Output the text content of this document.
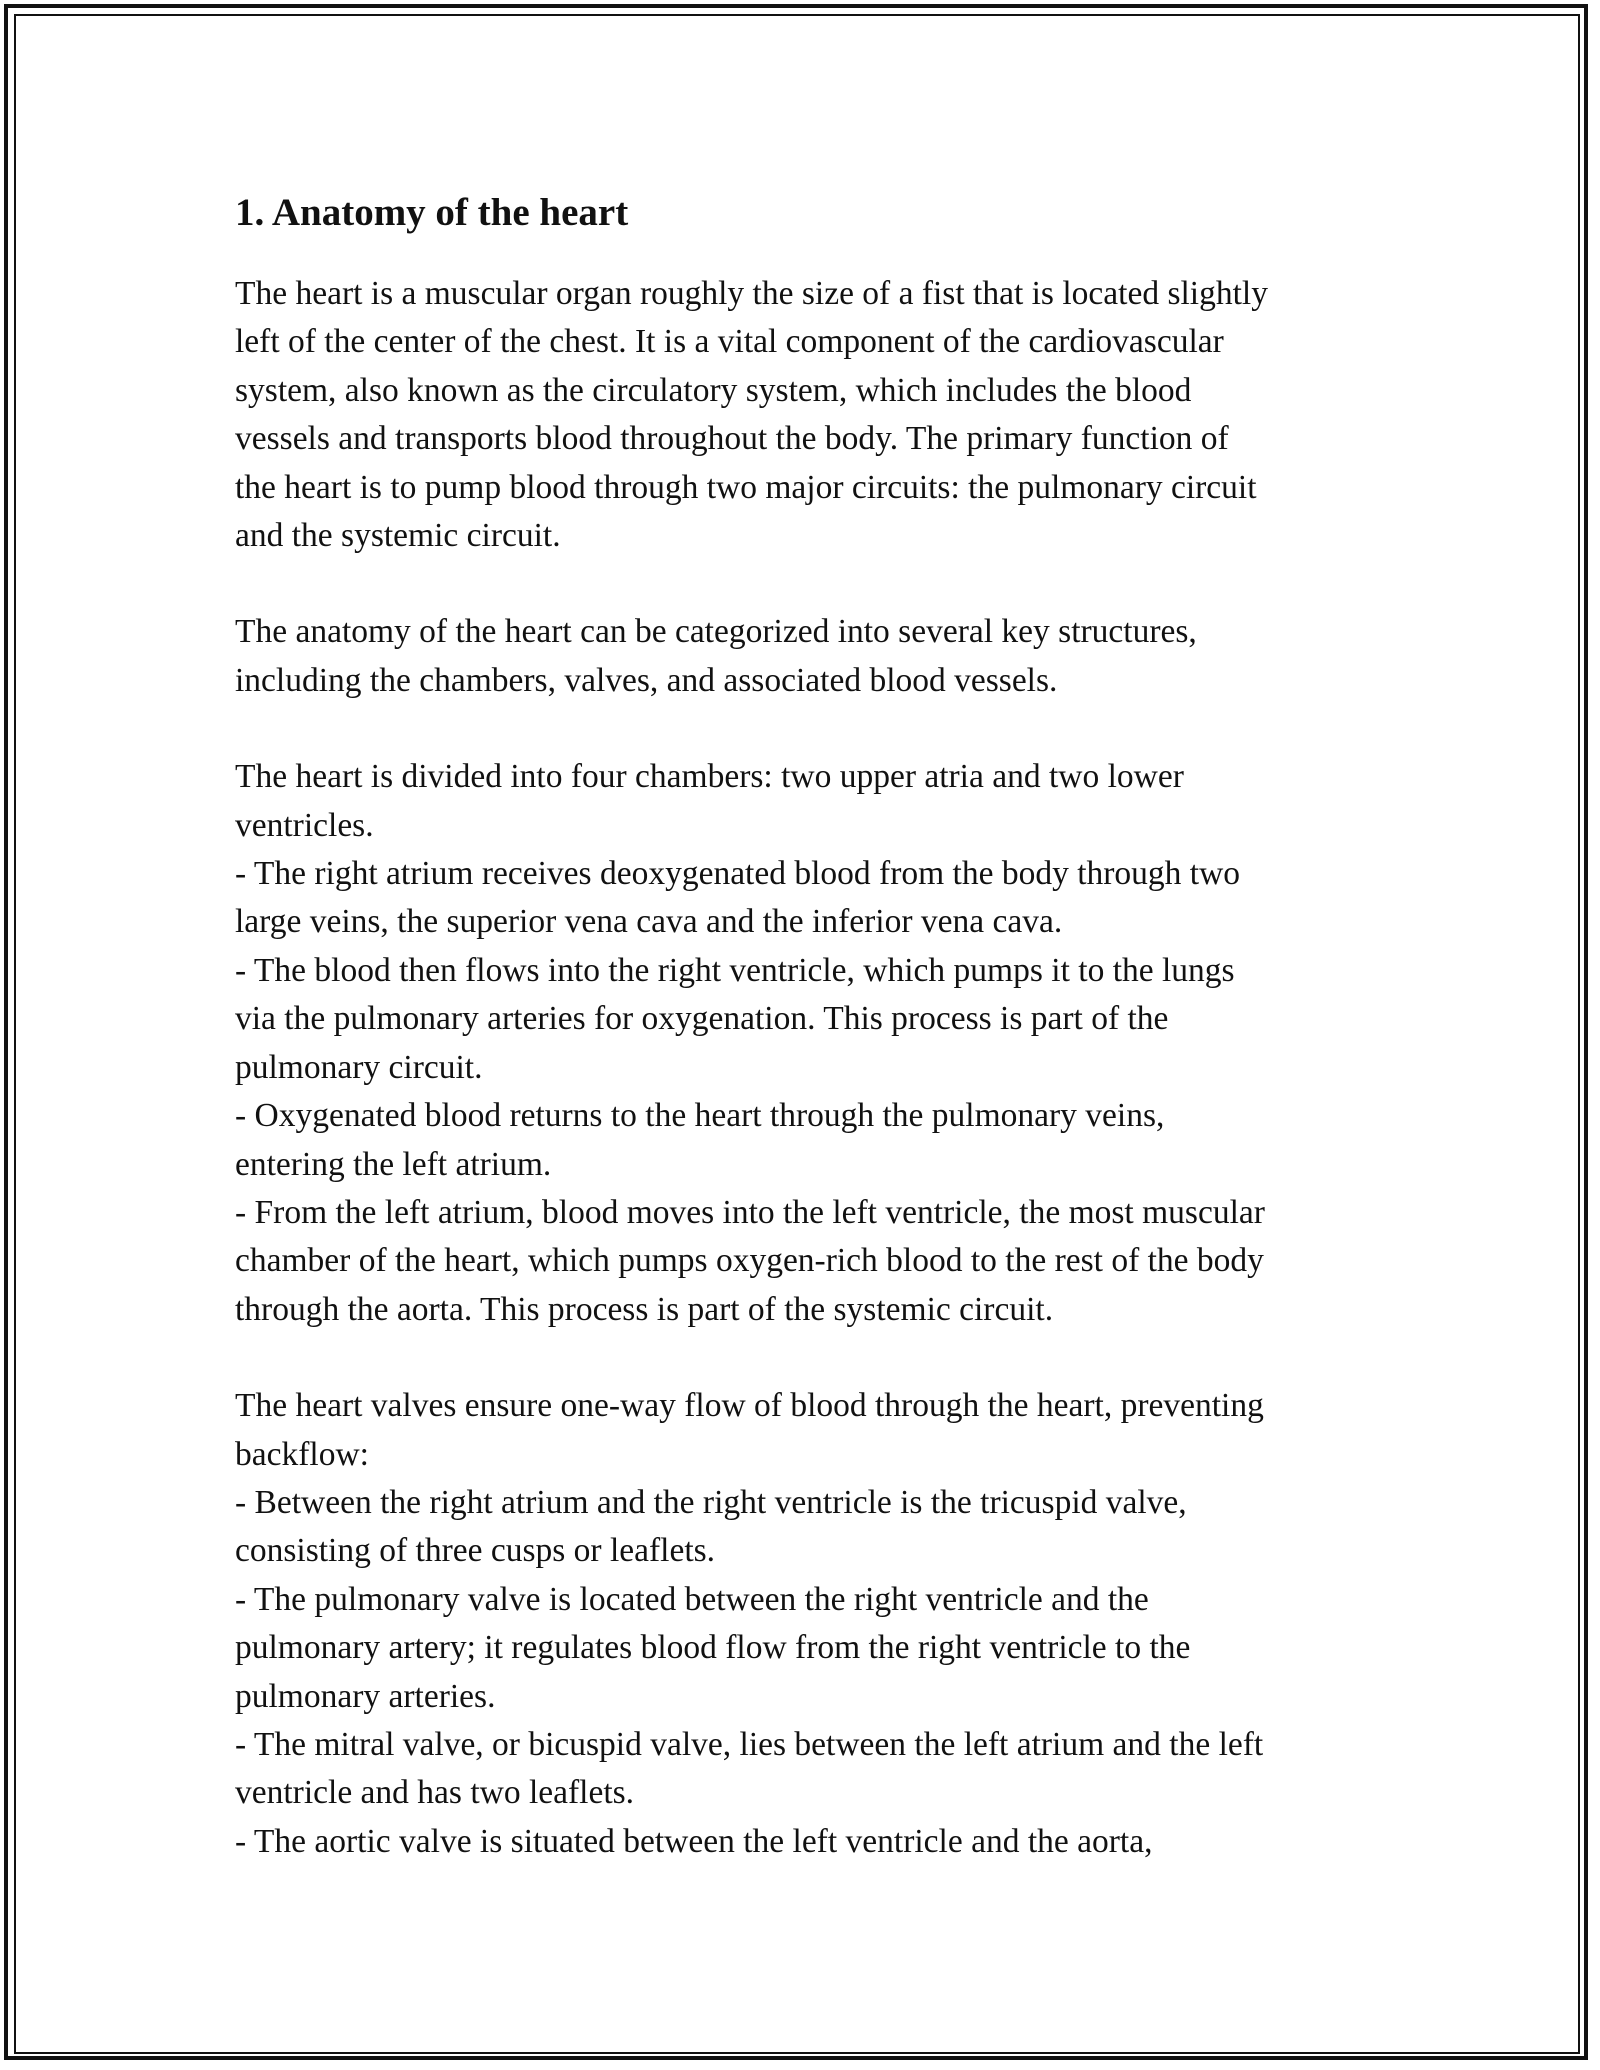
1. Anatomy of the heart
The heart is a muscular organ roughly the size of a fist that is located slightly
left of the center of the chest. It is a vital component of the cardiovascular
system, also known as the circulatory system, which includes the blood
vessels and transports blood throughout the body. The primary function of
the heart is to pump blood through two major circuits: the pulmonary circuit
and the systemic circuit.
The anatomy of the heart can be categorized into several key structures,
including the chambers, valves, and associated blood vessels.
The heart is divided into four chambers: two upper atria and two lower
ventricles.
- The right atrium receives deoxygenated blood from the body through two
large veins, the superior vena cava and the inferior vena cava.
- The blood then flows into the right ventricle, which pumps it to the lungs
via the pulmonary arteries for oxygenation. This process is part of the
pulmonary circuit.
- Oxygenated blood returns to the heart through the pulmonary veins,
entering the left atrium.
- From the left atrium, blood moves into the left ventricle, the most muscular
chamber of the heart, which pumps oxygen-rich blood to the rest of the body
through the aorta. This process is part of the systemic circuit.
The heart valves ensure one-way flow of blood through the heart, preventing
backflow:
- Between the right atrium and the right ventricle is the tricuspid valve,
consisting of three cusps or leaflets.
- The pulmonary valve is located between the right ventricle and the
pulmonary artery; it regulates blood flow from the right ventricle to the
pulmonary arteries.
- The mitral valve, or bicuspid valve, lies between the left atrium and the left
ventricle and has two leaflets.
- The aortic valve is situated between the left ventricle and the aorta,
